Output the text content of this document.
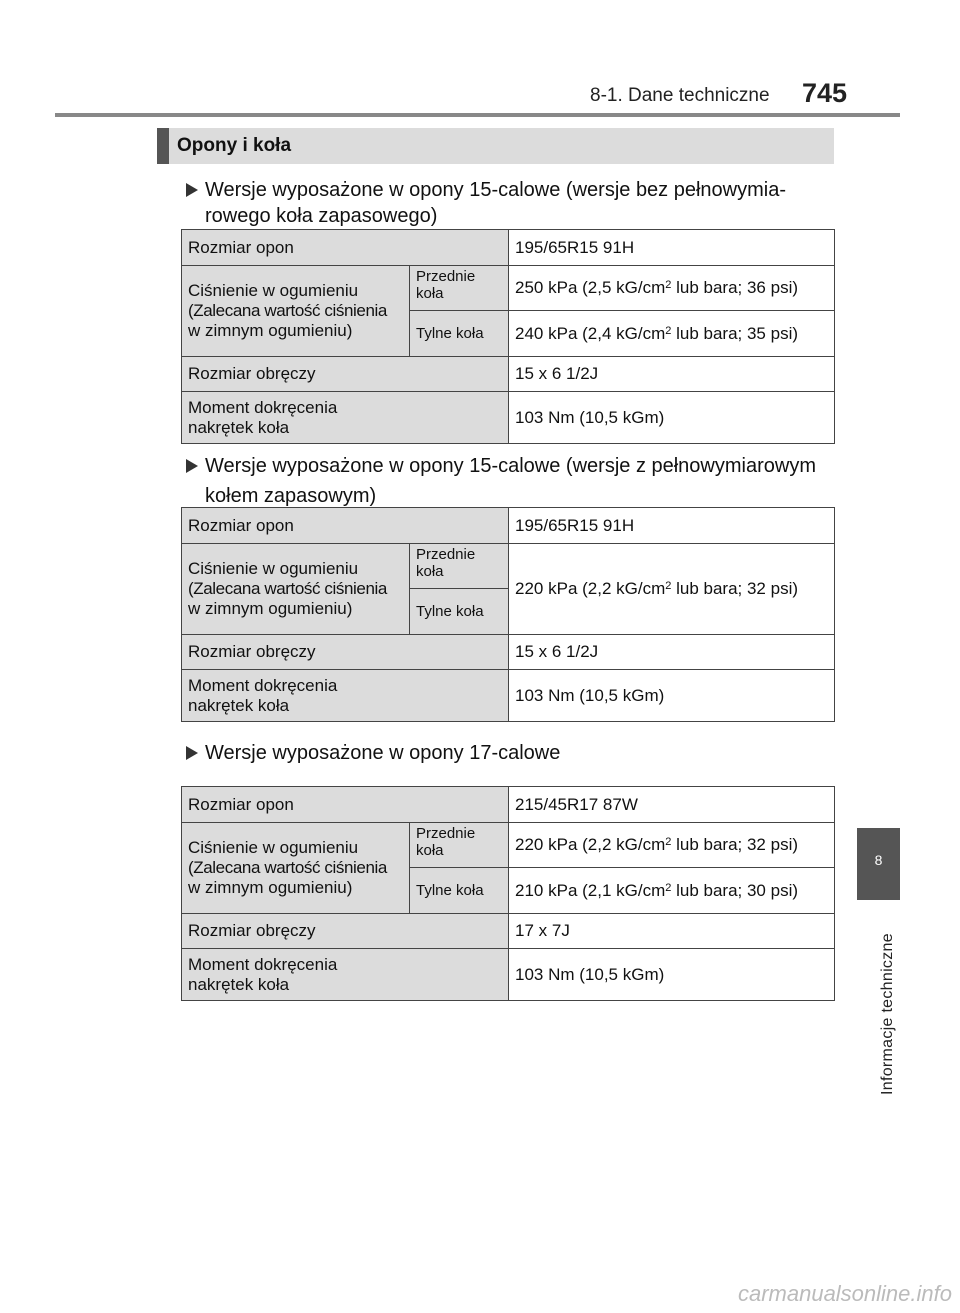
8-1. Dane techniczne 745
Opony i koła
Wersje wyposażone w opony 15-calowe (wersje bez pełnowymia-rowego koła zapasowego)
Rozmiar opon		195/65R15 91H

Ciśnienie w ogumieniu
(Zalecana wartość ciśnienia
w zimnym ogumieniu)	Przednie koła	250 kPa (2,5 $kG/cm^2$ lub bara; 36 psi)
	Tylne koła	240 kPa (2,4 $kG/cm^2$ lub bara; 35 psi)
Rozmiar obręczy		15 x 6 1/2J

Moment dokręcenia
nakrętek koła		103 Nm (10,5 kGm)
Wersje wyposażone w opony 15-calowe (wersje z pełnowymiarowym kołem zapasowym)
Rozmiar opon		195/65R15 91H

Ciśnienie w ogumieniu
(Zalecana wartość ciśnienia
w zimnym ogumieniu)	Przednie koła	220 kPa (2,2 $kG/cm^2$ lub bara; 32 psi)
	Tylne koła	
Rozmiar obręczy		15 x 6 1/2J

Moment dokręcenia
nakrętek koła		103 Nm (10,5 kGm)
Wersje wyposażone w opony 17-calowe
Rozmiar opon		215/45R17 87W

Ciśnienie w ogumieniu
(Zalecana wartość ciśnienia
w zimnym ogumieniu)	Przednie koła	220 kPa (2,2 $kG/cm^2$ lub bara; 32 psi)
	Tylne koła	210 kPa (2,1 $kG/cm^2$ lub bara; 30 psi)
Rozmiar obręczy		17 x 7J

Moment dokręcenia
nakrętek koła		103 Nm (10,5 kGm)
8
Informacje techniczne
carmanualsonline.info
